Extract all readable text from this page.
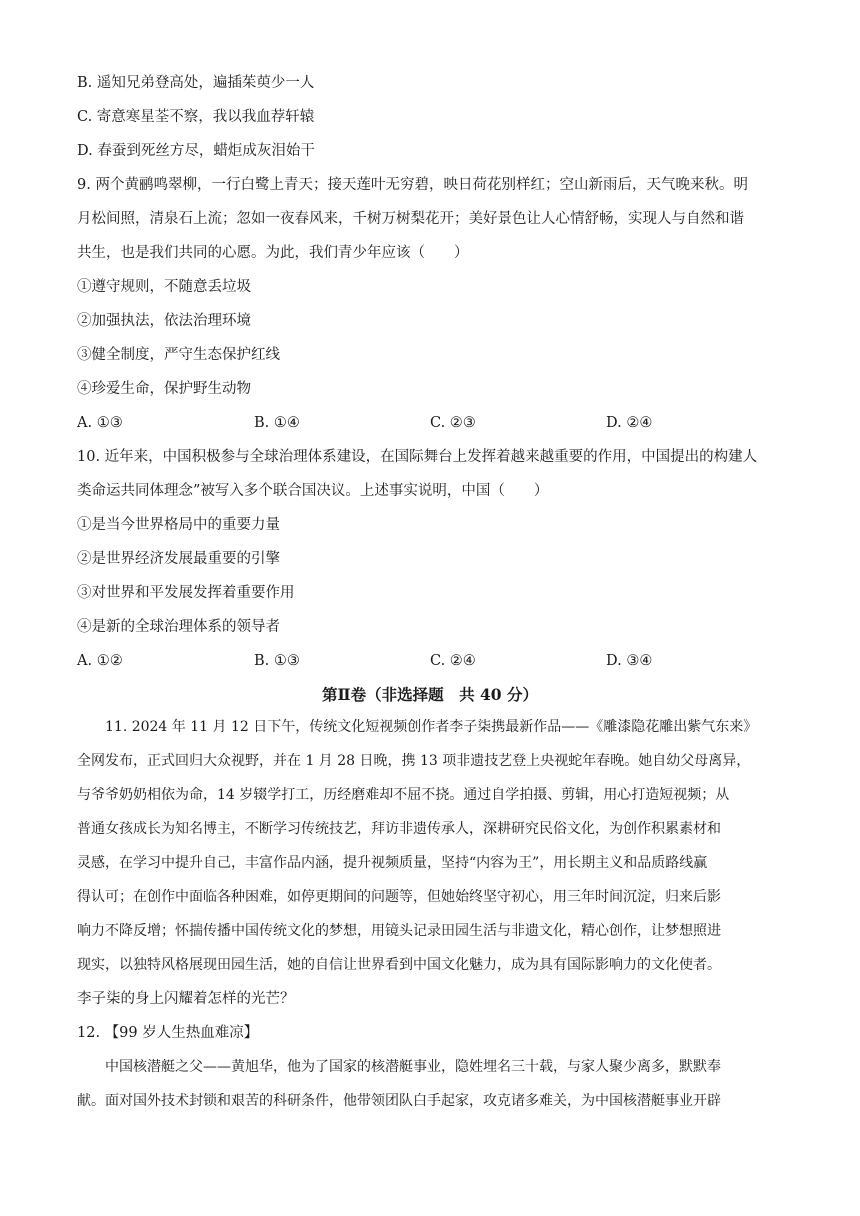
B. 遥知兄弟登高处，遍插茱萸少一人
C. 寄意寒星荃不察，我以我血荐轩辕
D. 春蚕到死丝方尽，蜡炬成灰泪始干
9. 两个黄鹂鸣翠柳，一行白鹭上青天；接天莲叶无穷碧，映日荷花别样红；空山新雨后，天气晚来秋。明
月松间照，清泉石上流；忽如一夜春风来，千树万树梨花开；美好景色让人心情舒畅，实现人与自然和谐
共生，也是我们共同的心愿。为此，我们青少年应该（　　）
①遵守规则，不随意丢垃圾
②加强执法，依法治理环境
③健全制度，严守生态保护红线
④珍爱生命，保护野生动物
A. ①③	B. ①④	C. ②③	D. ②④
10. 近年来，中国积极参与全球治理体系建设，在国际舞台上发挥着越来越重要的作用，中国提出的构建人
类命运共同体理念”被写入多个联合国决议。上述事实说明，中国（　　）
①是当今世界格局中的重要力量
②是世界经济发展最重要的引擎
③对世界和平发展发挥着重要作用
④是新的全球治理体系的领导者
A. ①②	B. ①③	C. ②④	D. ③④
第Ⅱ卷（非选择题　共 40 分）
11. 2024 年 11 月 12 日下午，传统文化短视频创作者李子柒携最新作品——《雕漆隐花雕出紫气东来》
全网发布，正式回归大众视野，并在 1 月 28 日晚，携 13 项非遗技艺登上央视蛇年春晚。她自幼父母离异，
与爷爷奶奶相依为命，14 岁辍学打工，历经磨难却不屈不挠。通过自学拍摄、剪辑，用心打造短视频；从
普通女孩成长为知名博主，不断学习传统技艺，拜访非遗传承人，深耕研究民俗文化，为创作积累素材和
灵感，在学习中提升自己，丰富作品内涵，提升视频质量，坚持“内容为王”，用长期主义和品质路线赢
得认可；在创作中面临各种困难，如停更期间的问题等，但她始终坚守初心，用三年时间沉淀，归来后影
响力不降反增；怀揣传播中国传统文化的梦想，用镜头记录田园生活与非遗文化，精心创作，让梦想照进
现实，以独特风格展现田园生活，她的自信让世界看到中国文化魅力，成为具有国际影响力的文化使者。
李子柒的身上闪耀着怎样的光芒？
12. 【99 岁人生热血难凉】
中国核潜艇之父——黄旭华，他为了国家的核潜艇事业，隐姓埋名三十载，与家人聚少离多，默默奉
献。面对国外技术封锁和艰苦的科研条件，他带领团队白手起家，攻克诸多难关，为中国核潜艇事业开辟
